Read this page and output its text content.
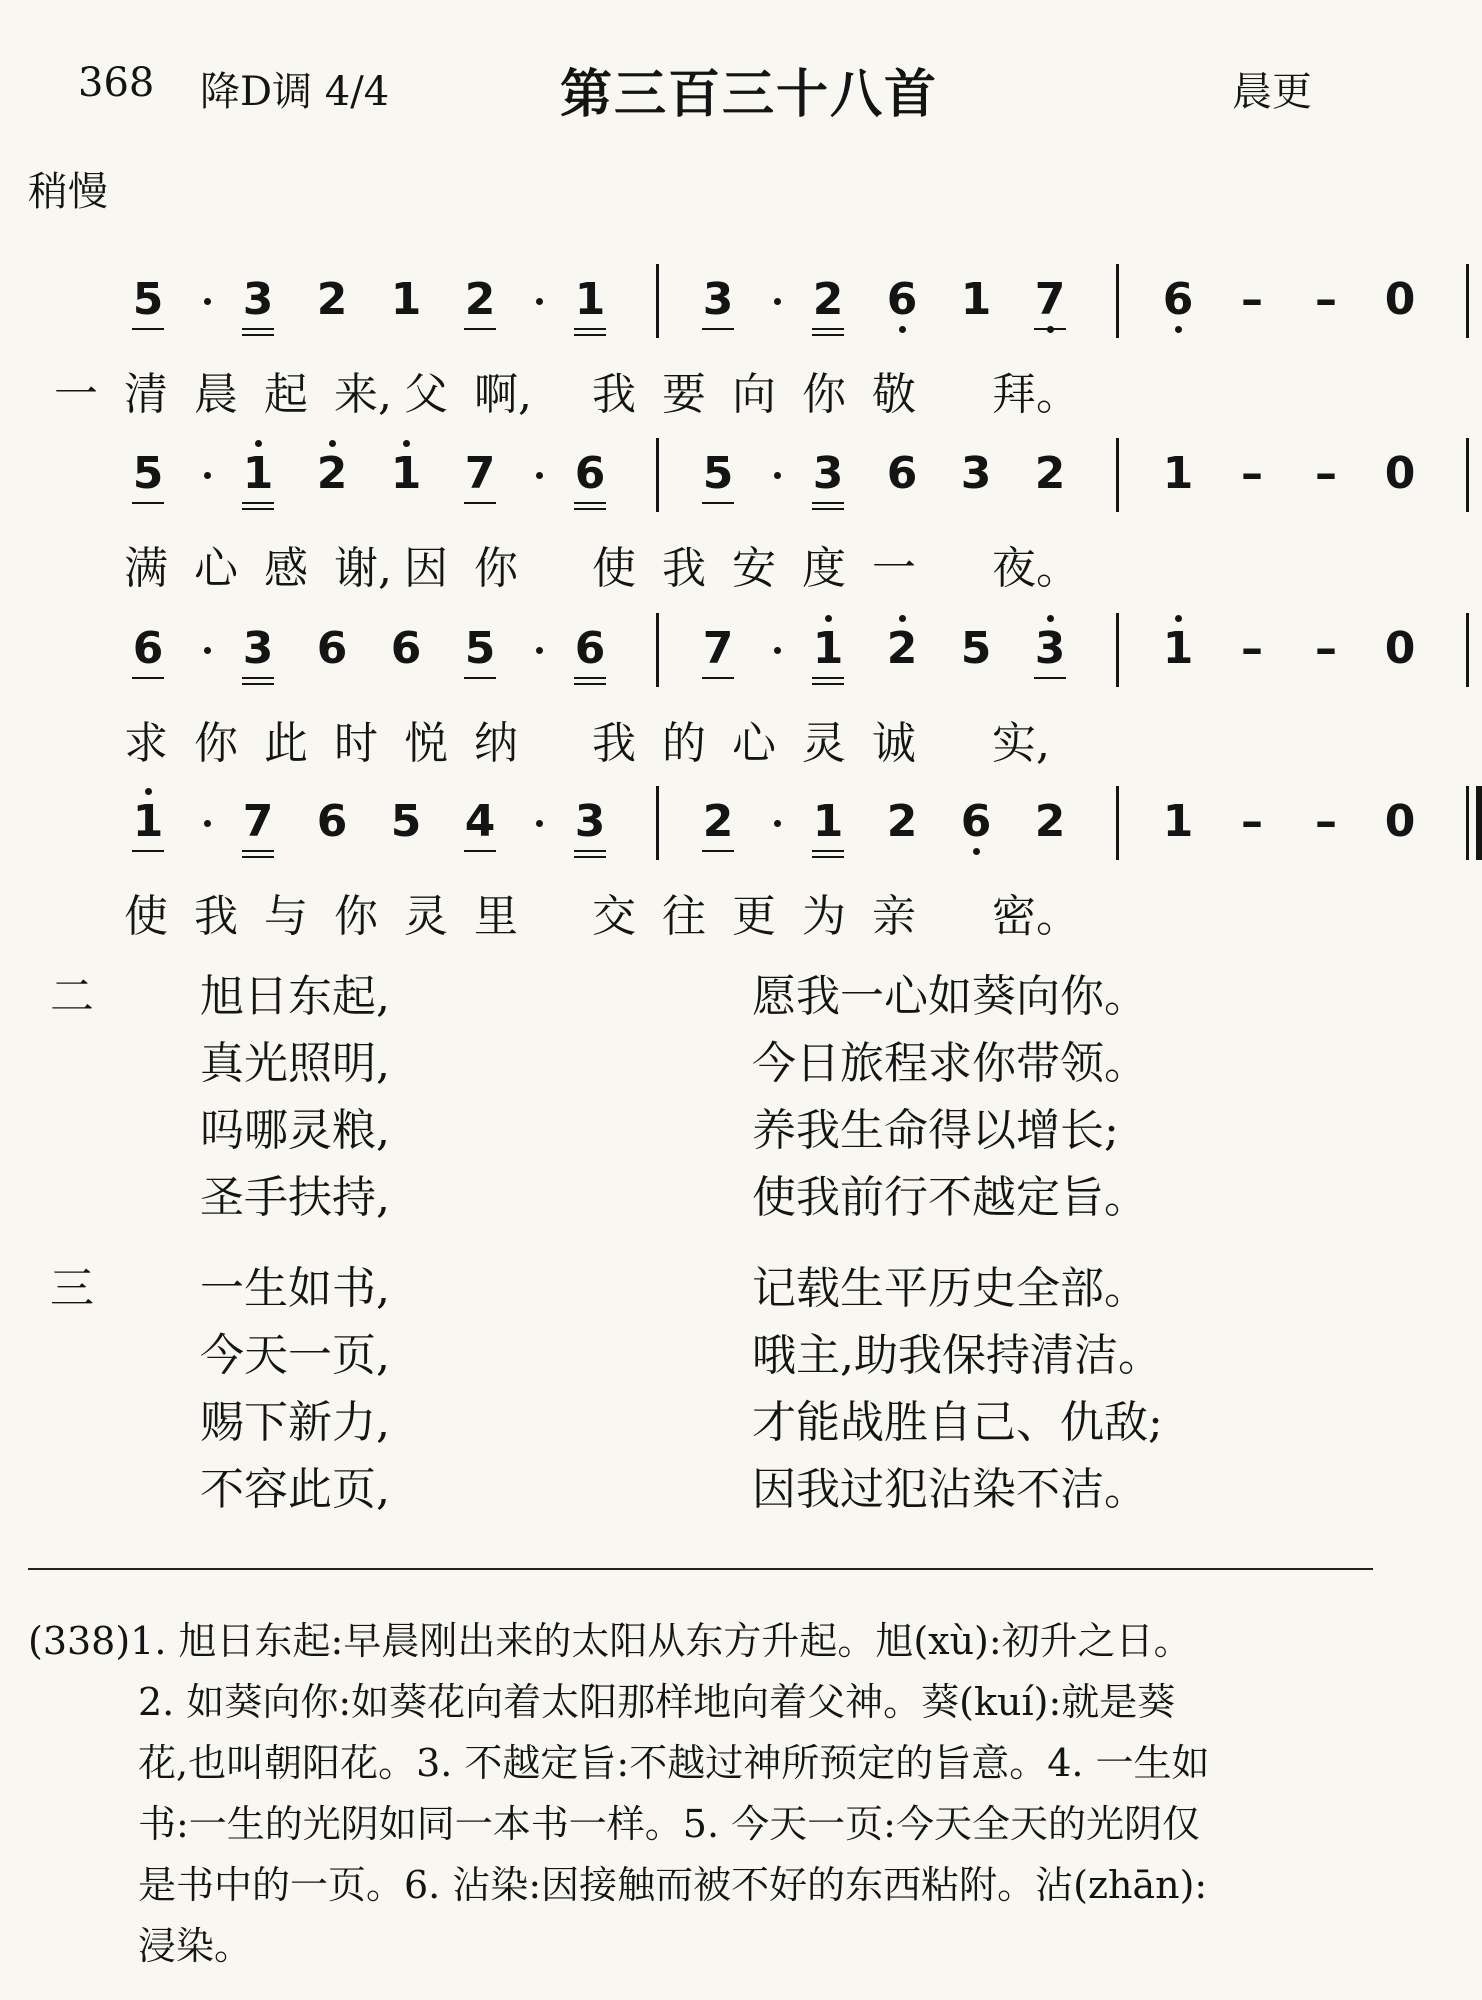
368 降D调 4/4	第三百三十八首	晨更
稍慢
5 3 2 1 2 1 3 2 6 1 7 6 – – 0
一 清 晨 起 来, 父 啊, 我 要 向 你 敬 拜。
5 1 2 1 7 6 5 3 6 3 2 1 – – 0
满 心 感 谢, 因 你 使 我 安 度 一 夜。
6 3 6 6 5 6 7 1 2 5 3 1 – – 0
求 你 此 时 悦 纳 我 的 心 灵 诚 实,
1 7 6 5 4 3 2 1 2 6 2 1 – – 0
使 我 与 你 灵 里 交 往 更 为 亲 密。
二 旭日东起,	愿我一心如葵向你。
真光照明,	今日旅程求你带领。
吗哪灵粮,	养我生命得以增长;
圣手扶持,	使我前行不越定旨。
三 一生如书,	记载生平历史全部。
今天一页,	哦主,助我保持清洁。
赐下新力,	才能战胜自己、仇敌;
不容此页,	因我过犯沾染不洁。
(338)1. 旭日东起:早晨刚出来的太阳从东方升起。旭(xù):初升之日。
2. 如葵向你:如葵花向着太阳那样地向着父神。葵(kuí):就是葵
花,也叫朝阳花。3. 不越定旨:不越过神所预定的旨意。4. 一生如
书:一生的光阴如同一本书一样。5. 今天一页:今天全天的光阴仅
是书中的一页。6. 沾染:因接触而被不好的东西粘附。沾(zhān):
浸染。
